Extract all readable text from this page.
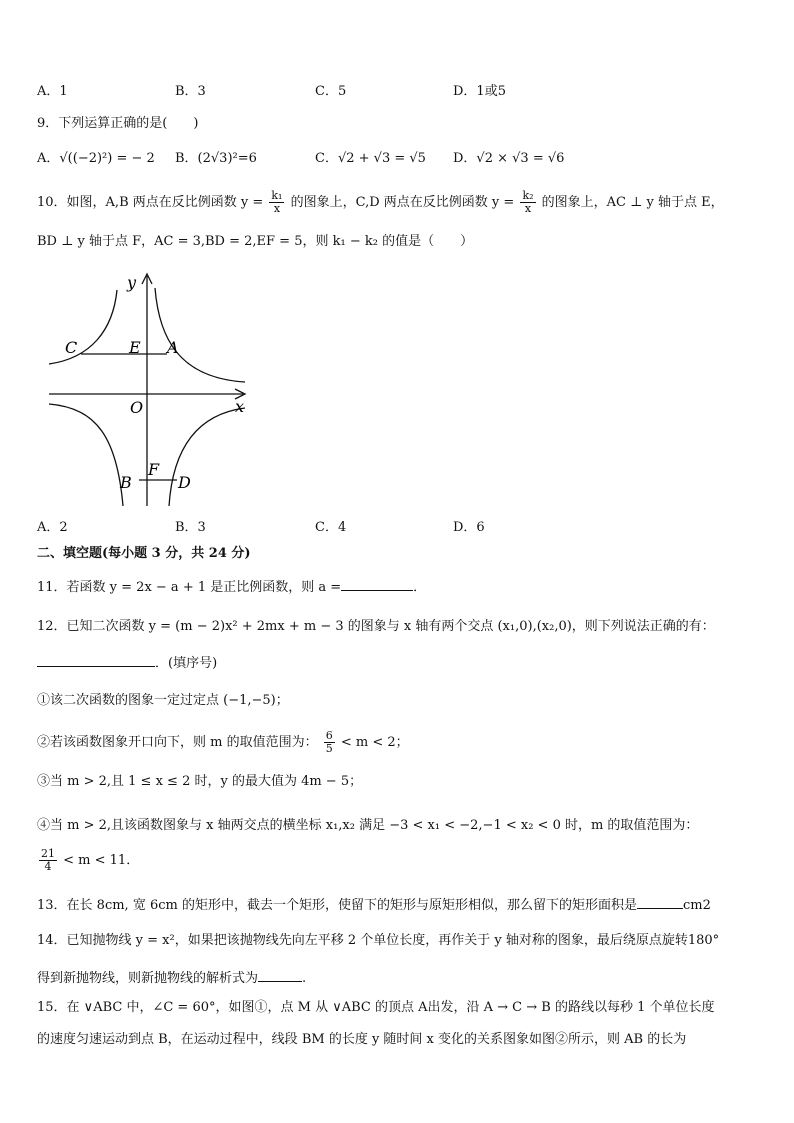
A．1	B．3	C．5	D．1或5
9．下列运算正确的是(　　)
A．√((−2)²) = − 2 B．(2√3)²=6	C．√2 + √3 = √5 D．√2 × √3 = √6
10．如图，A,B 两点在反比例函数 $y = \frac{\text{k₁}}{x}$ 的图象上，C,D 两点在反比例函数 $y = \frac{\text{k₂}}{x}$ 的图象上，AC ⊥ y 轴于点 E，
BD ⊥ y 轴于点 F，AC = 3,BD = 2,EF = 5，则 k₁ − k₂ 的值是（　　）
y
x
O
C	E A
B
F
D
A．2	B．3	C．4	D．6
二、填空题(每小题 3 分，共 24 分)
11．若函数 y = 2x − a + 1 是正比例函数，则 a =	．
12．已知二次函数 y = (m − 2)x² + 2mx + m − 3 的图象与 x 轴有两个交点 (x₁,0),(x₂,0)，则下列说法正确的有：
．(填序号)
①该二次函数的图象一定过定点 (−1,−5)；
②若该函数图象开口向下，则 m 的取值范围为： $\frac{6}{5} < m < 2$；
③当 m > 2,且 1 ≤ x ≤ 2 时，y 的最大值为 4m − 5；
④当 m > 2,且该函数图象与 x 轴两交点的横坐标 x₁,x₂ 满足 −3 < x₁ < −2,−1 < x₂ < 0 时，m 的取值范围为：
$\frac{21}{4} < m < 11$．
13．在长 8cm, 宽 6cm 的矩形中，截去一个矩形，使留下的矩形与原矩形相似，那么留下的矩形面积是	cm2
14．已知抛物线 y = x²，如果把该抛物线先向左平移 2 个单位长度，再作关于 y 轴对称的图象，最后绕原点旋转180°
得到新抛物线，则新抛物线的解析式为	.
15．在 ∨ABC 中，∠C = 60°，如图①，点 M 从 ∨ABC 的顶点 A出发，沿 A → C → B 的路线以每秒 1 个单位长度
的速度匀速运动到点 B，在运动过程中，线段 BM 的长度 y 随时间 x 变化的关系图象如图②所示，则 AB 的长为
